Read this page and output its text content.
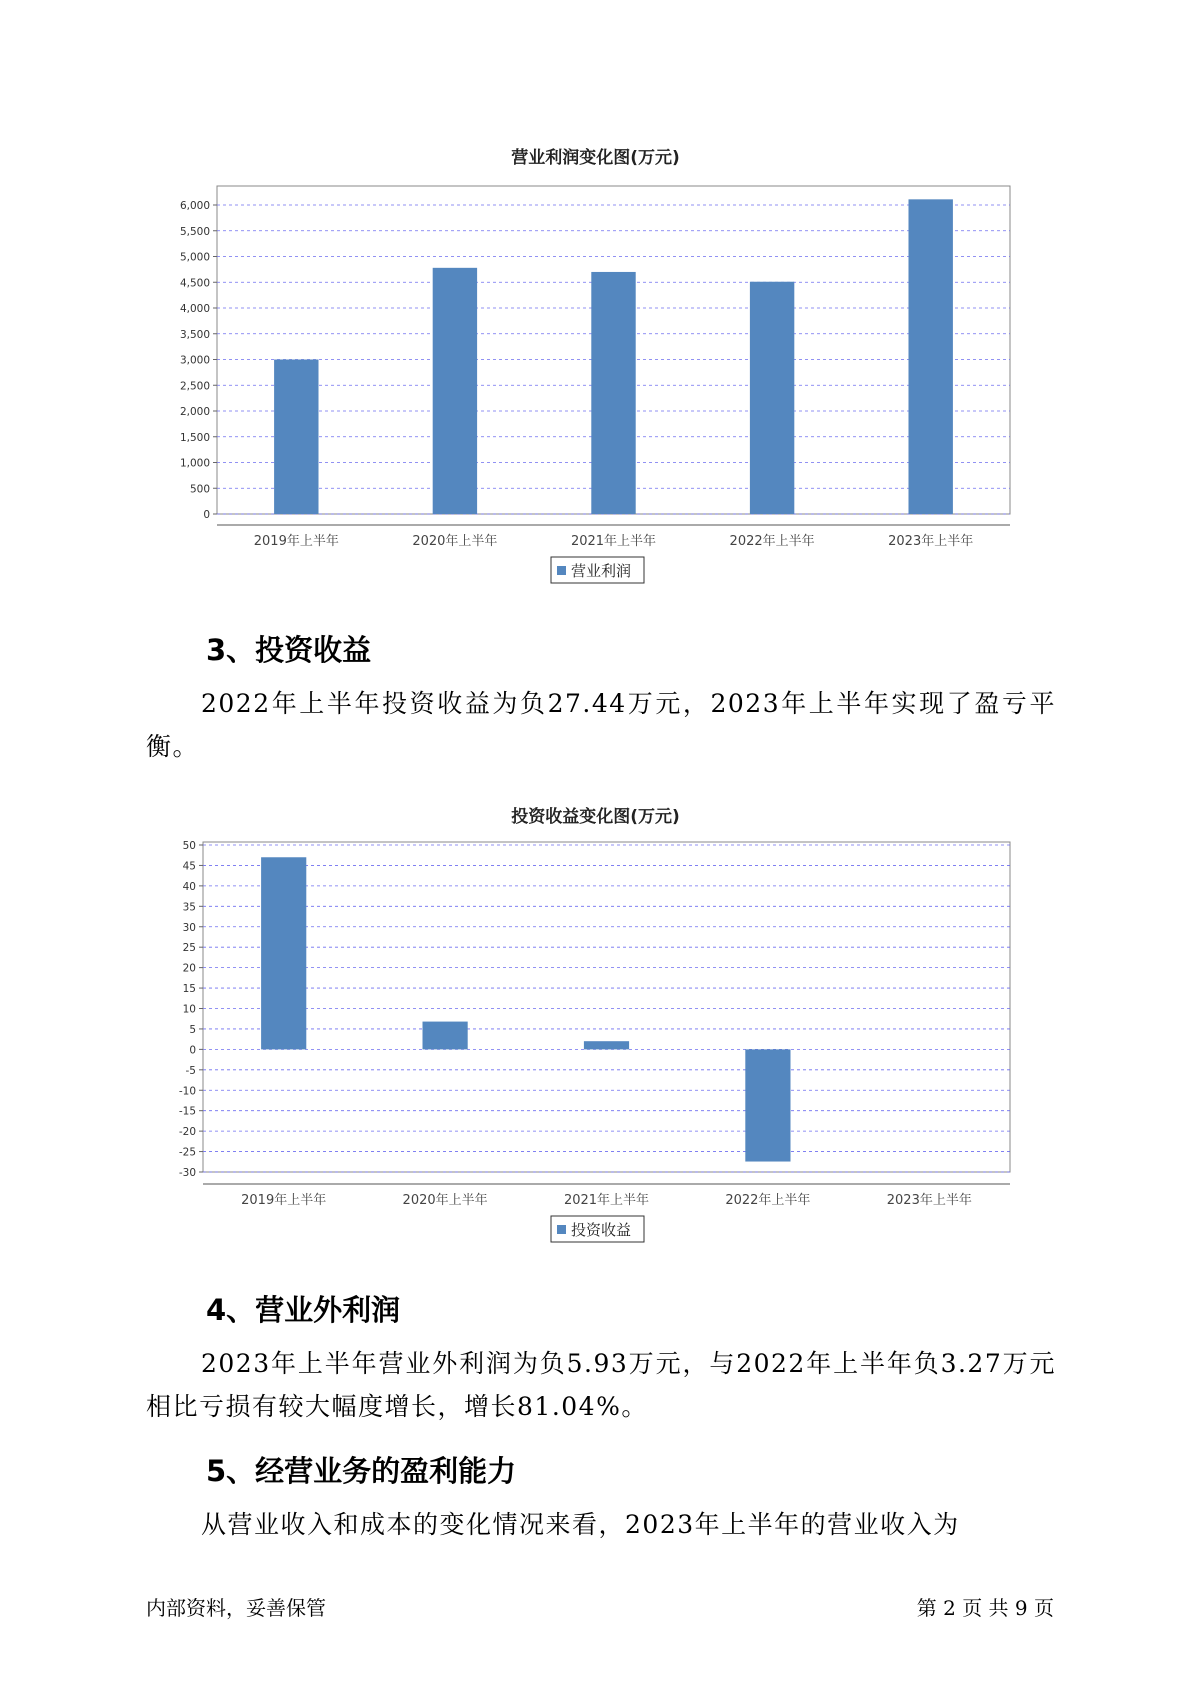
营业利润变化图(万元)
0
500
1,000
1,500
2,000
2,500
3,000
3,500
4,000
4,500
5,000
5,500
6,000
2019年上半年	2020年上半年	2021年上半年	2022年上半年	2023年上半年
营业利润
3、投资收益
2022年上半年投资收益为负27.44万元，2023年上半年实现了盈亏平衡。
投资收益变化图(万元)
-30
-25
-20
-15
-10
-5
0
5
10
15
20
25
30
35
40
45
50
2019年上半年	2020年上半年	2021年上半年	2022年上半年	2023年上半年
投资收益
4、营业外利润
2023年上半年营业外利润为负5.93万元，与2022年上半年负3.27万元相比亏损有较大幅度增长，增长81.04%。
5、经营业务的盈利能力
从营业收入和成本的变化情况来看，2023年上半年的营业收入为
内部资料，妥善保管	第 2 页 共 9 页
